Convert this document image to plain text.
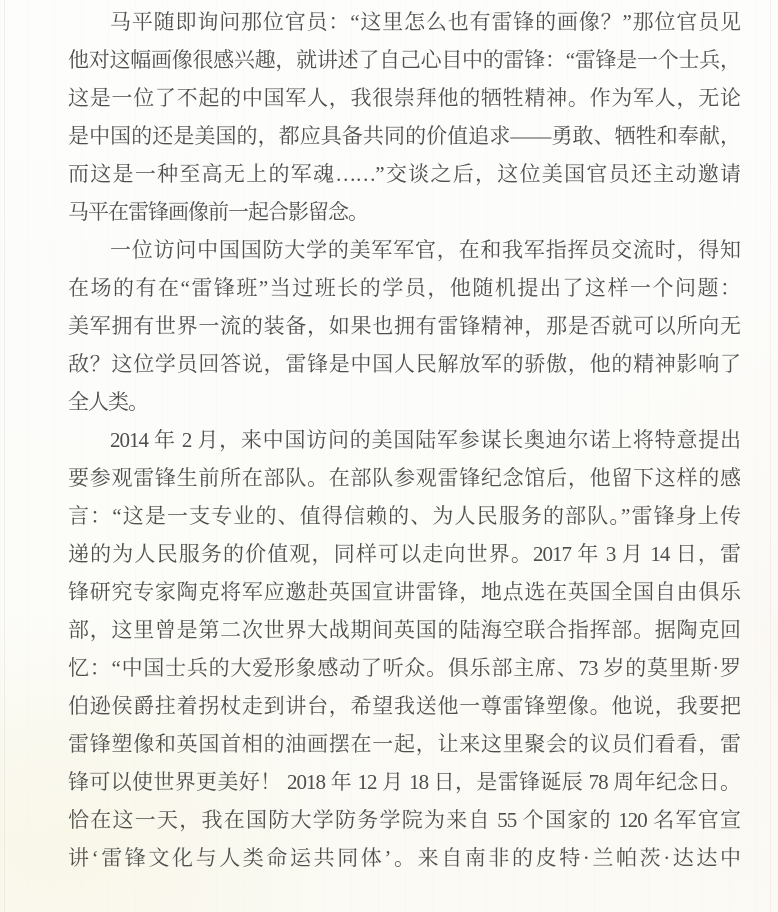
马平随即询问那位官员：“这里怎么也有雷锋的画像？”那位官员见
他对这幅画像很感兴趣，就讲述了自己心目中的雷锋：“雷锋是一个士兵，
这是一位了不起的中国军人，我很崇拜他的牺牲精神。作为军人，无论
是中国的还是美国的，都应具备共同的价值追求——勇敢、牺牲和奉献，
而这是一种至高无上的军魂……”交谈之后，这位美国官员还主动邀请
马平在雷锋画像前一起合影留念。
一位访问中国国防大学的美军军官，在和我军指挥员交流时，得知
在场的有在“雷锋班”当过班长的学员，他随机提出了这样一个问题：
美军拥有世界一流的装备，如果也拥有雷锋精神，那是否就可以所向无
敌？这位学员回答说，雷锋是中国人民解放军的骄傲，他的精神影响了
全人类。
2014 年 2 月，来中国访问的美国陆军参谋长奥迪尔诺上将特意提出
要参观雷锋生前所在部队。在部队参观雷锋纪念馆后，他留下这样的感
言：“这是一支专业的、值得信赖的、为人民服务的部队。”雷锋身上传
递的为人民服务的价值观，同样可以走向世界。2017 年 3 月 14 日，雷
锋研究专家陶克将军应邀赴英国宣讲雷锋，地点选在英国全国自由俱乐
部，这里曾是第二次世界大战期间英国的陆海空联合指挥部。据陶克回
忆：“中国士兵的大爱形象感动了听众。俱乐部主席、73 岁的莫里斯·罗
伯逊侯爵拄着拐杖走到讲台，希望我送他一尊雷锋塑像。他说，我要把
雷锋塑像和英国首相的油画摆在一起，让来这里聚会的议员们看看，雷
锋可以使世界更美好！ 2018 年 12 月 18 日，是雷锋诞辰 78 周年纪念日。
恰在这一天，我在国防大学防务学院为来自 55 个国家的 120 名军官宣
讲‘雷锋文化与人类命运共同体’。来自南非的皮特·兰帕茨·达达中
